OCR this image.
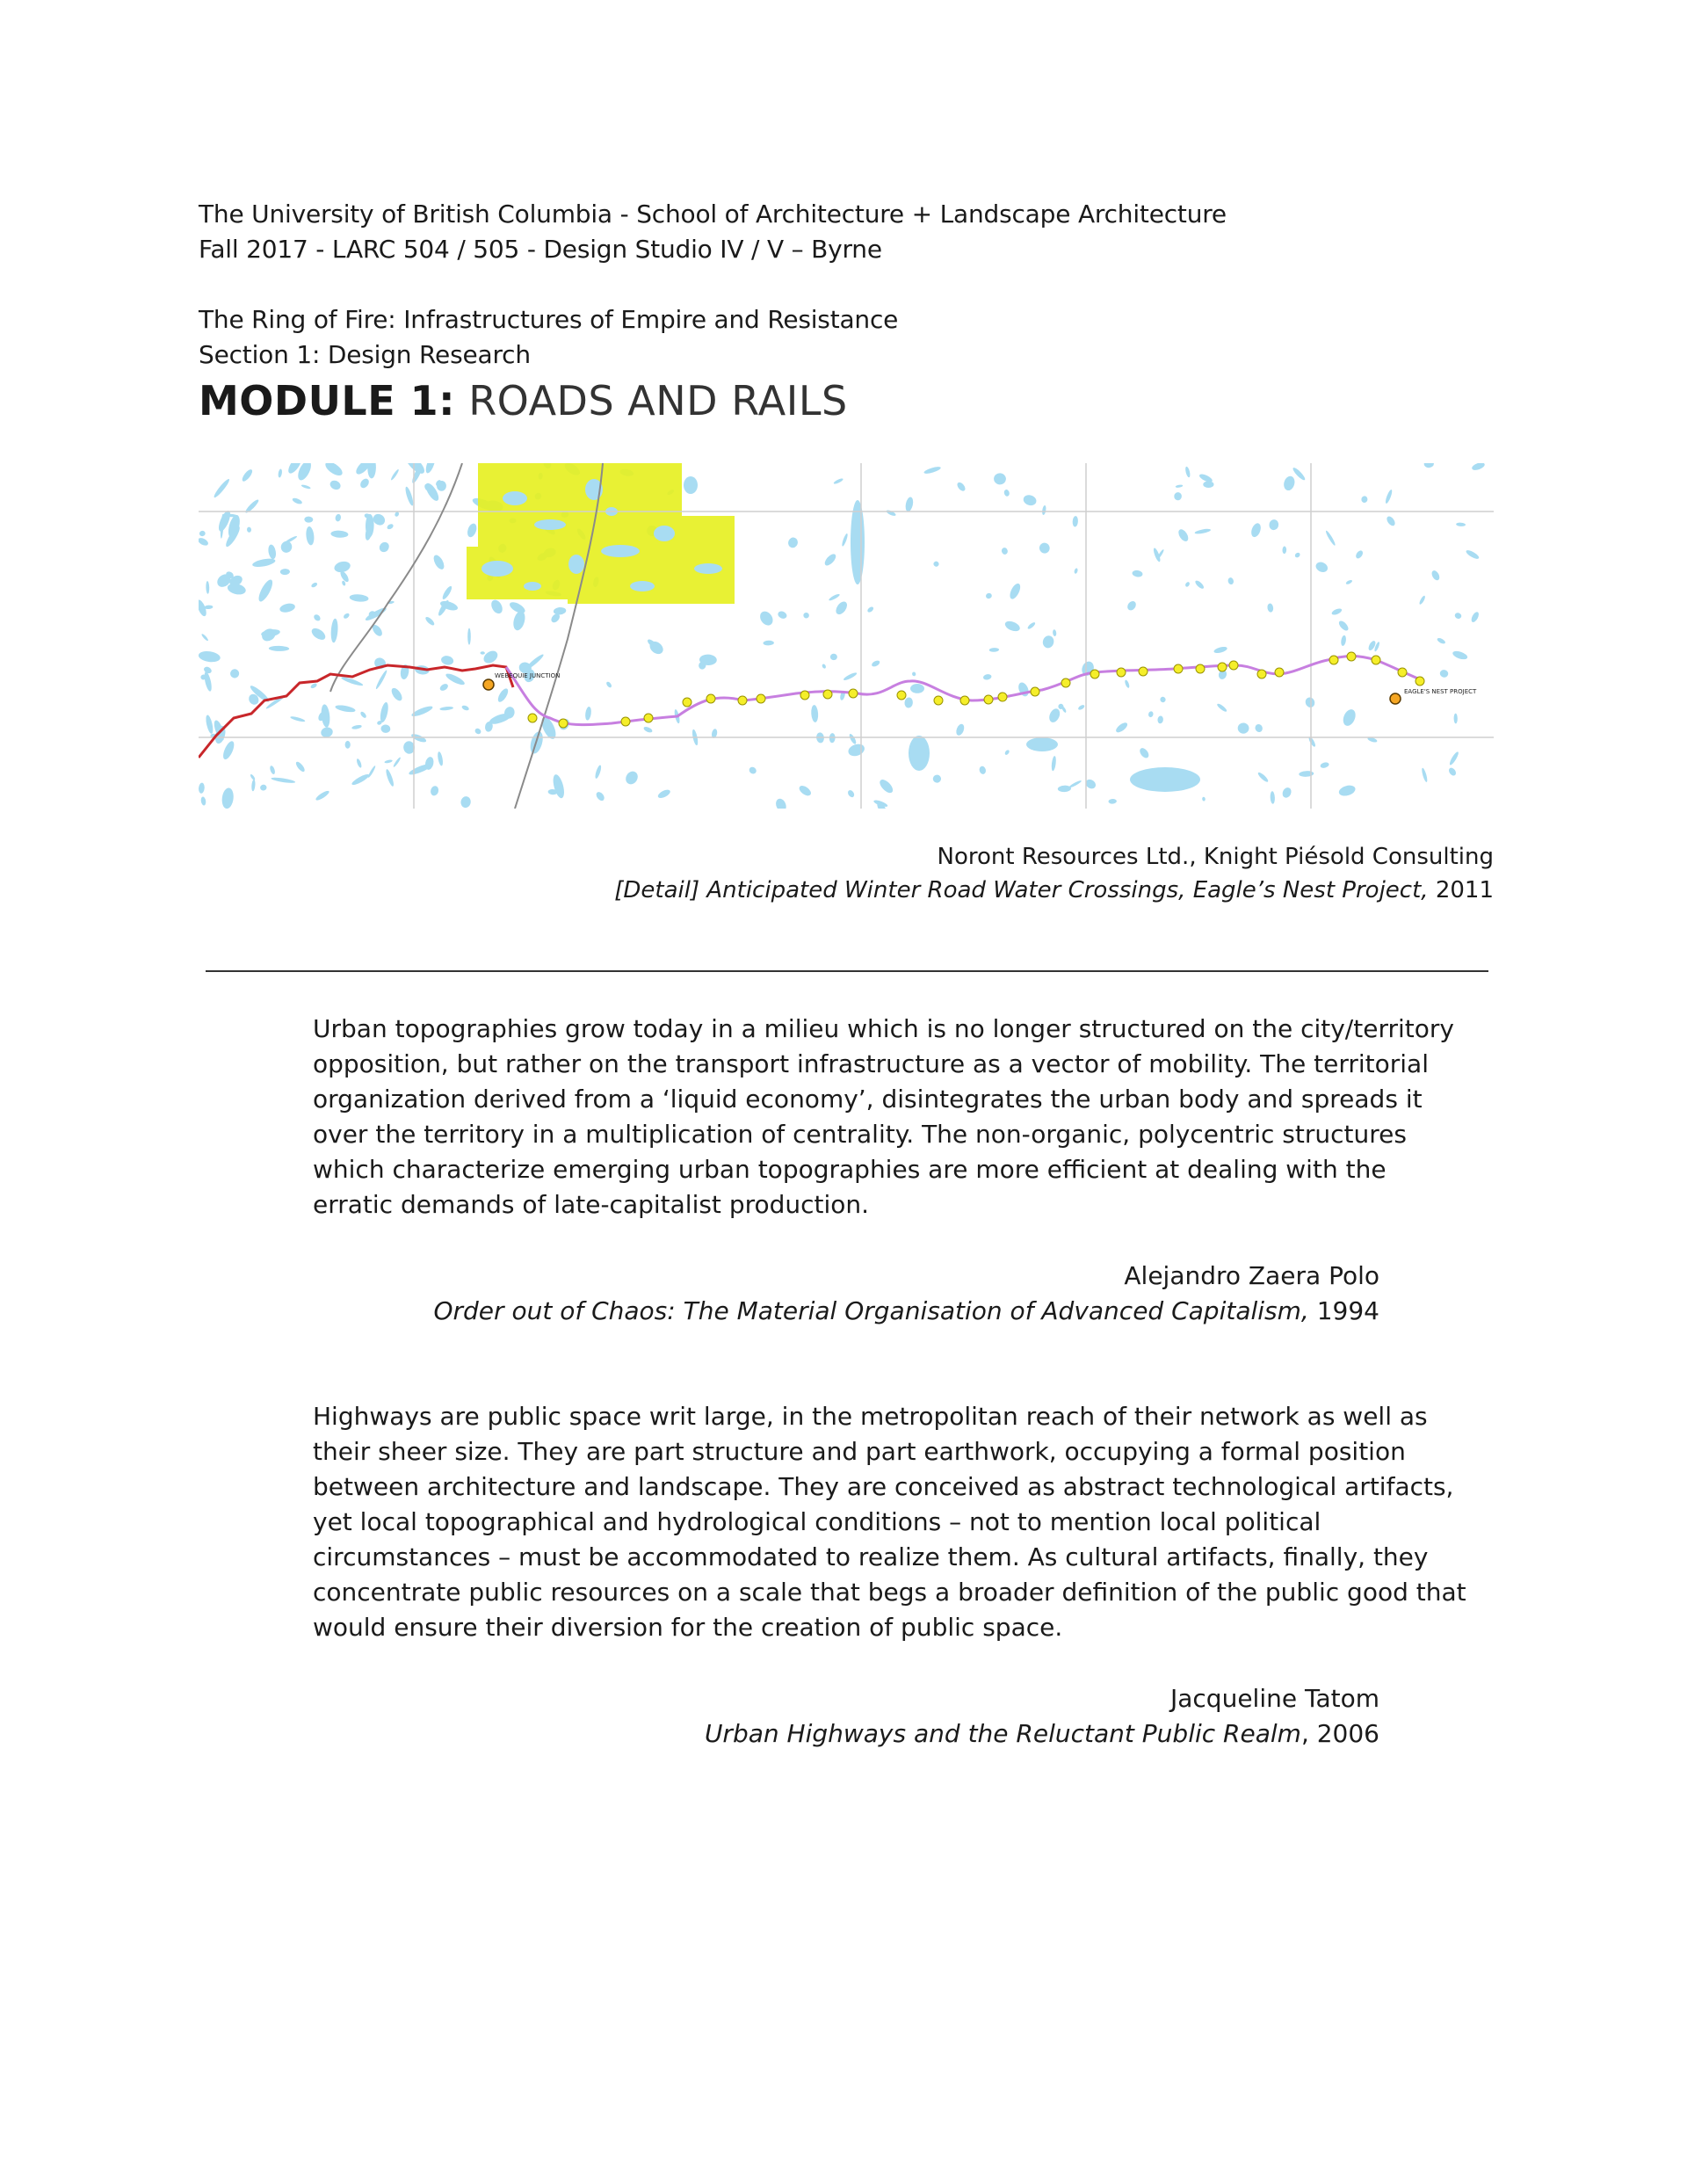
The University of British Columbia - School of Architecture + Landscape Architecture
Fall 2017 - LARC 504 / 505 - Design Studio IV / V – Byrne
The Ring of Fire: Infrastructures of Empire and Resistance
Section 1: Design Research
MODULE 1: ROADS AND RAILS
WEBEQUIE JUNCTION
EAGLE'S NEST PROJECT
Noront Resources Ltd., Knight Piésold Consulting
[Detail] Anticipated Winter Road Water Crossings, Eagle’s Nest Project, 2011
Urban topographies grow today in a milieu which is no longer structured on the city/territory
opposition, but rather on the transport infrastructure as a vector of mobility. The territorial
organization derived from a ‘liquid economy’, disintegrates the urban body and spreads it
over the territory in a multiplication of centrality. The non-organic, polycentric structures
which characterize emerging urban topographies are more efficient at dealing with the
erratic demands of late-capitalist production.
Alejandro Zaera Polo
Order out of Chaos: The Material Organisation of Advanced Capitalism, 1994
Highways are public space writ large, in the metropolitan reach of their network as well as
their sheer size. They are part structure and part earthwork, occupying a formal position
between architecture and landscape. They are conceived as abstract technological artifacts,
yet local topographical and hydrological conditions – not to mention local political
circumstances – must be accommodated to realize them. As cultural artifacts, finally, they
concentrate public resources on a scale that begs a broader definition of the public good that
would ensure their diversion for the creation of public space.
Jacqueline Tatom
Urban Highways and the Reluctant Public Realm, 2006
